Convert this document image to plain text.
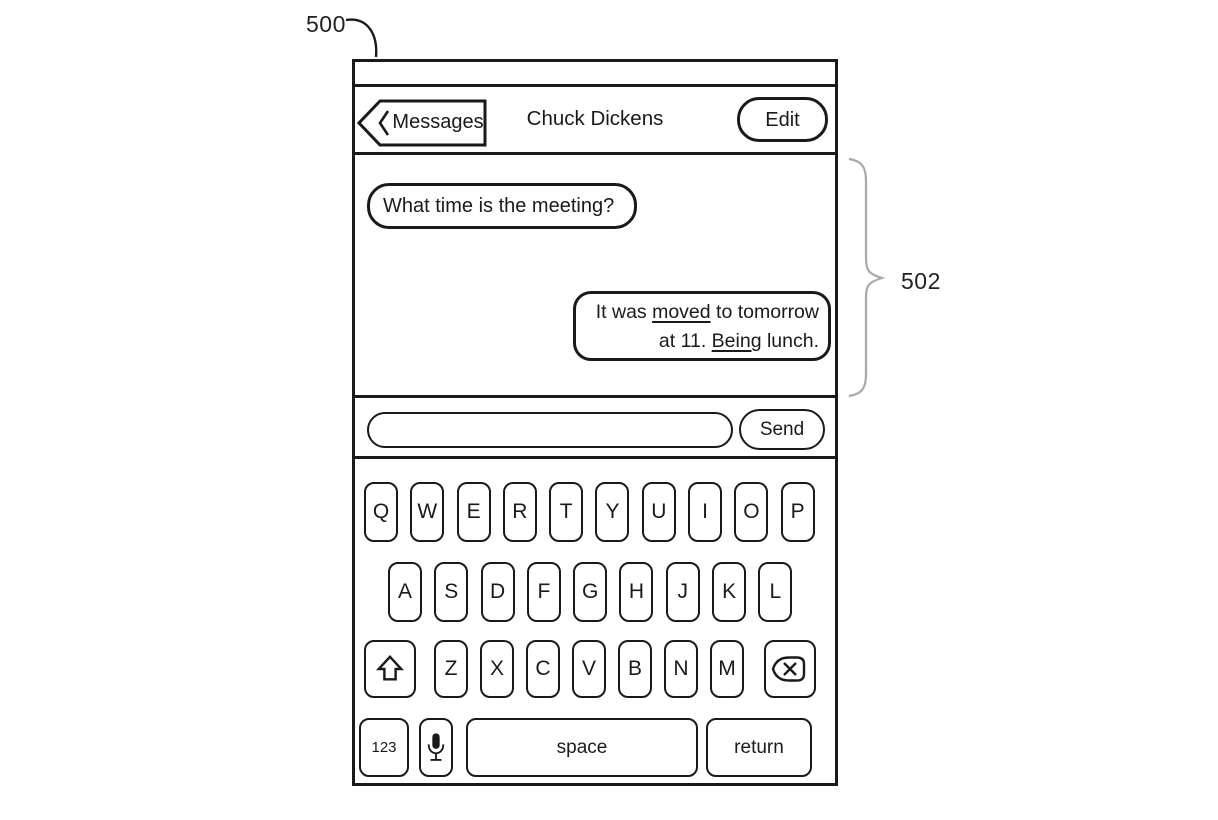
500
502
Chuck Dickens
Messages	Edit
What time is the meeting?
It was moved to tomorrow
at 11. Being lunch.
Send
Q	W	E	R	T	Y	U	I	O	P
A	S	D	F	G	H	J	K	L
Z	X	C	V	B	N	M
123	space	return
